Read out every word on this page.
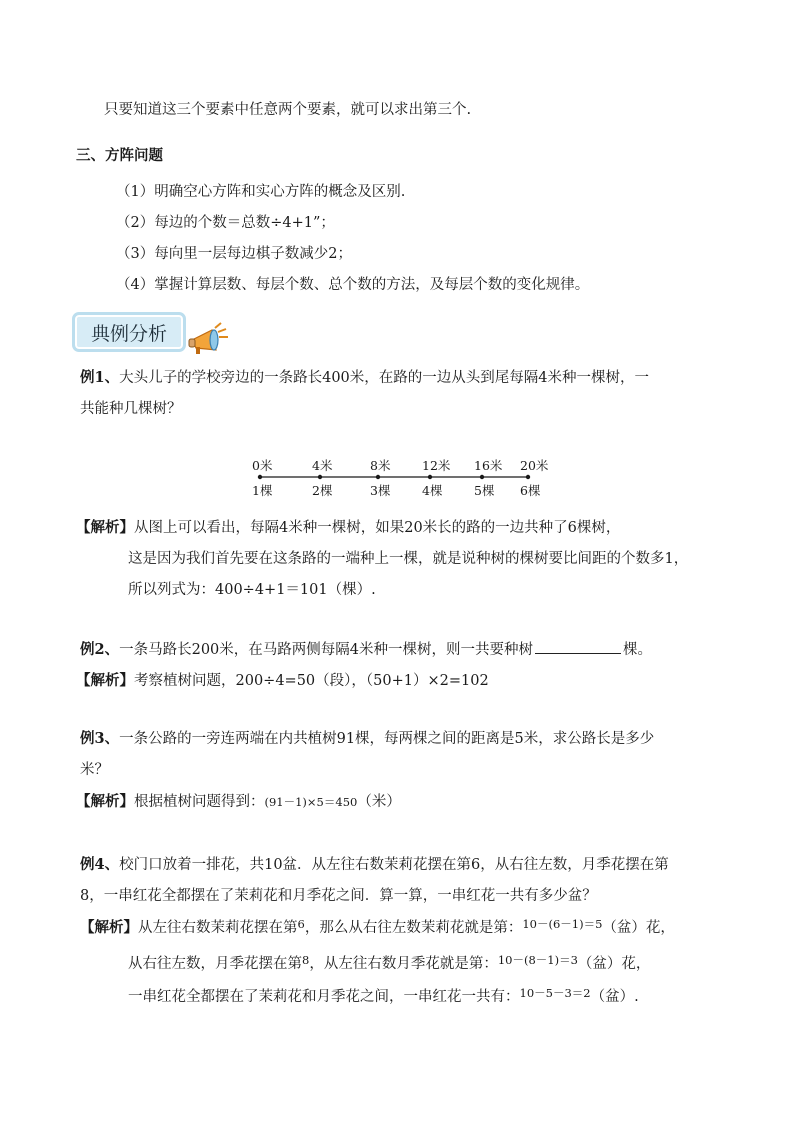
只要知道这三个要素中任意两个要素，就可以求出第三个.
三、方阵问题
（1）明确空心方阵和实心方阵的概念及区别.
（2）每边的个数＝总数÷4+1”；
（3）每向里一层每边棋子数减少2；
（4）掌握计算层数、每层个数、总个数的方法，及每层个数的变化规律。
典例分析
例1、大头儿子的学校旁边的一条路长400米，在路的一边从头到尾每隔4米种一棵树，一
共能种几棵树？
0米	4米	8米	12米 16米 20米
1棵	2棵	3棵	4棵	5棵 6棵
【解析】从图上可以看出，每隔4米种一棵树，如果20米长的路的一边共种了6棵树，
这是因为我们首先要在这条路的一端种上一棵，就是说种树的棵树要比间距的个数多1，
所以列式为：400÷4+1＝101（棵）.
例2、一条马路长200米，在马路两侧每隔4米种一棵树，则一共要种树	棵。
【解析】考察植树问题，200÷4=50（段），（50+1）×2=102
例3、一条公路的一旁连两端在内共植树91棵，每两棵之间的距离是5米，求公路长是多少
米？
【解析】根据植树问题得到：(91－1)×5＝450（米）
例4、校门口放着一排花，共10盆．从左往右数茉莉花摆在第6，从右往左数，月季花摆在第
8，一串红花全都摆在了茉莉花和月季花之间．算一算，一串红花一共有多少盆？
【解析】从左往右数茉莉花摆在第$^6$，那么从右往左数茉莉花就是第：$^{10-(6-1)=5}$（盆）花，
从右往左数，月季花摆在第$^8$，从左往右数月季花就是第：$^{10-(8-1)=3}$（盆）花，
一串红花全都摆在了茉莉花和月季花之间，一串红花一共有：$^{10-5-3=2}$（盆）.
